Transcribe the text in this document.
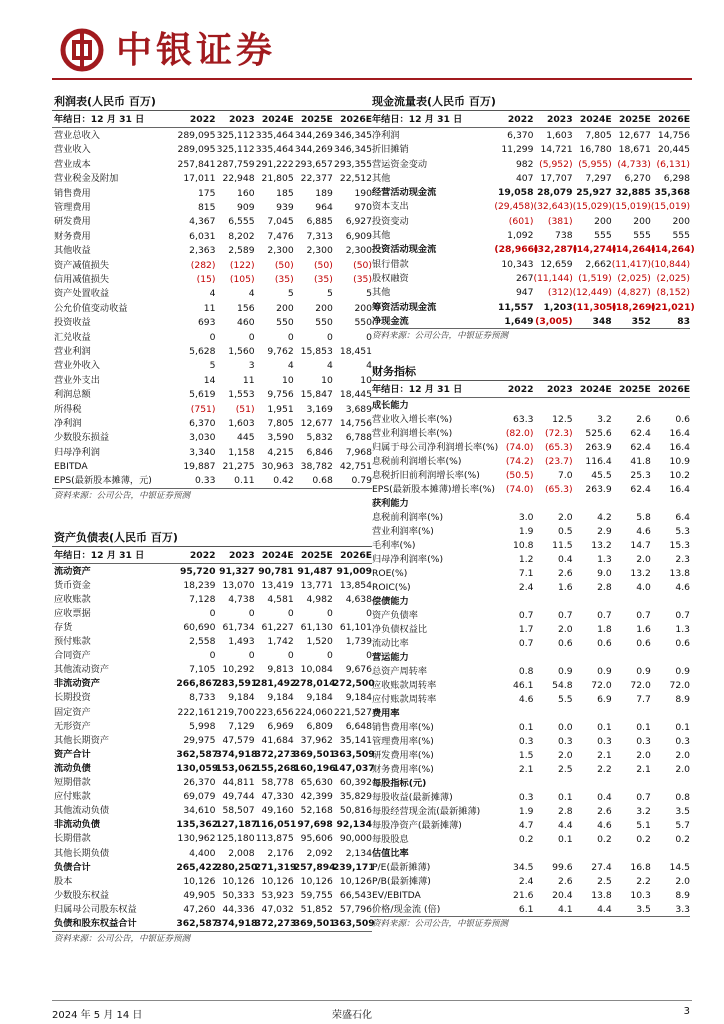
中银证券
利润表(人民币 百万)
年结日：12 月 31 日	2022	2023	2024E	2025E	2026E
营业总收入	289,095	325,112	335,464	344,269	346,345
营业收入	289,095	325,112	335,464	344,269	346,345
营业成本	257,841	287,759	291,222	293,657	293,355
营业税金及附加	17,011	22,948	21,805	22,377	22,512
销售费用	175	160	185	189	190
管理费用	815	909	939	964	970
研发费用	4,367	6,555	7,045	6,885	6,927
财务费用	6,031	8,202	7,476	7,313	6,909
其他收益	2,363	2,589	2,300	2,300	2,300
资产减值损失	(282)	(122)	(50)	(50)	(50)
信用减值损失	(15)	(105)	(35)	(35)	(35)
资产处置收益	4	4	5	5	5
公允价值变动收益	11	156	200	200	200
投资收益	693	460	550	550	550
汇兑收益	0	0	0	0	0
营业利润	5,628	1,560	9,762	15,853	18,451
营业外收入	5	3	4	4	4
营业外支出	14	11	10	10	10
利润总额	5,619	1,553	9,756	15,847	18,445
所得税	(751)	(51)	1,951	3,169	3,689
净利润	6,370	1,603	7,805	12,677	14,756
少数股东损益	3,030	445	3,590	5,832	6,788
归母净利润	3,340	1,158	4,215	6,846	7,968
EBITDA	19,887	21,275	30,963	38,782	42,751
EPS(最新股本摊薄，元)	0.33	0.11	0.42	0.68	0.79
资料来源：公司公告，中银证券预测
资产负债表(人民币 百万)
年结日：12 月 31 日	2022	2023	2024E	2025E	2026E
流动资产	95,720	91,327	90,781	91,487	91,009
货币资金	18,239	13,070	13,419	13,771	13,854
应收账款	7,128	4,738	4,581	4,982	4,638
应收票据	0	0	0	0	0
存货	60,690	61,734	61,227	61,130	61,101
预付账款	2,558	1,493	1,742	1,520	1,739
合同资产	0	0	0	0	0
其他流动资产	7,105	10,292	9,813	10,084	9,676
非流动资产	266,867	283,591	281,492	278,014	272,500
长期投资	8,733	9,184	9,184	9,184	9,184
固定资产	222,161	219,700	223,656	224,060	221,527
无形资产	5,998	7,129	6,969	6,809	6,648
其他长期资产	29,975	47,579	41,684	37,962	35,141
资产合计	362,587	374,918	372,273	369,501	363,509
流动负债	130,059	153,062	155,268	160,196	147,037
短期借款	26,370	44,811	58,778	65,630	60,392
应付账款	69,079	49,744	47,330	42,399	35,829
其他流动负债	34,610	58,507	49,160	52,168	50,816
非流动负债	135,362	127,187	116,051	97,698	92,134
长期借款	130,962	125,180	113,875	95,606	90,000
其他长期负债	4,400	2,008	2,176	2,092	2,134
负债合计	265,422	280,250	271,319	257,894	239,171
股本	10,126	10,126	10,126	10,126	10,126
少数股东权益	49,905	50,333	53,923	59,755	66,543
归属母公司股东权益	47,260	44,336	47,032	51,852	57,796
负债和股东权益合计	362,587	374,918	372,273	369,501	363,509
资料来源：公司公告，中银证券预测
现金流量表(人民币 百万)
年结日：12 月 31 日	2022	2023	2024E	2025E	2026E
净利润	6,370	1,603	7,805	12,677	14,756
折旧摊销	11,299	14,721	16,780	18,671	20,445
营运资金变动	982	(5,952)	(5,955)	(4,733)	(6,131)
其他	407	17,707	7,297	6,270	6,298
经营活动现金流	19,058	28,079	25,927	32,885	35,368
资本支出	(29,458)	(32,643)	(15,029)	(15,019)	(15,019)
投资变动	(601)	(381)	200	200	200
其他	1,092	738	555	555	555
投资活动现金流	(28,966)	(32,287)	(14,274)	(14,264)	(14,264)
银行借款	10,343	12,659	2,662	(11,417)	(10,844)
股权融资	267	(11,144)	(1,519)	(2,025)	(2,025)
其他	947	(312)	(12,449)	(4,827)	(8,152)
筹资活动现金流	11,557	1,203	(11,305)	(18,269)	(21,021)
净现金流	1,649	(3,005)	348	352	83
资料来源：公司公告，中银证券预测
财务指标
年结日：12 月 31 日	2022	2023	2024E	2025E	2026E
成长能力					
营业收入增长率(%)	63.3	12.5	3.2	2.6	0.6
营业利润增长率(%)	(82.0)	(72.3)	525.6	62.4	16.4
归属于母公司净利润增长率(%)	(74.0)	(65.3)	263.9	62.4	16.4
息税前利润增长率(%)	(74.2)	(23.7)	116.4	41.8	10.9
息税折旧前利润增长率(%)	(50.5)	7.0	45.5	25.3	10.2
EPS(最新股本摊薄)增长率(%)	(74.0)	(65.3)	263.9	62.4	16.4
获利能力					
息税前利润率(%)	3.0	2.0	4.2	5.8	6.4
营业利润率(%)	1.9	0.5	2.9	4.6	5.3
毛利率(%)	10.8	11.5	13.2	14.7	15.3
归母净利润率(%)	1.2	0.4	1.3	2.0	2.3
ROE(%)	7.1	2.6	9.0	13.2	13.8
ROIC(%)	2.4	1.6	2.8	4.0	4.6
偿债能力					
资产负债率	0.7	0.7	0.7	0.7	0.7
净负债权益比	1.7	2.0	1.8	1.6	1.3
流动比率	0.7	0.6	0.6	0.6	0.6
营运能力					
总资产周转率	0.8	0.9	0.9	0.9	0.9
应收账款周转率	46.1	54.8	72.0	72.0	72.0
应付账款周转率	4.6	5.5	6.9	7.7	8.9
费用率					
销售费用率(%)	0.1	0.0	0.1	0.1	0.1
管理费用率(%)	0.3	0.3	0.3	0.3	0.3
研发费用率(%)	1.5	2.0	2.1	2.0	2.0
财务费用率(%)	2.1	2.5	2.2	2.1	2.0
每股指标(元)					
每股收益(最新摊薄)	0.3	0.1	0.4	0.7	0.8
每股经营现金流(最新摊薄)	1.9	2.8	2.6	3.2	3.5
每股净资产(最新摊薄)	4.7	4.4	4.6	5.1	5.7
每股股息	0.2	0.1	0.2	0.2	0.2
估值比率					
P/E(最新摊薄)	34.5	99.6	27.4	16.8	14.5
P/B(最新摊薄)	2.4	2.6	2.5	2.2	2.0
EV/EBITDA	21.6	20.4	13.8	10.3	8.9
价格/现金流 (倍)	6.1	4.1	4.4	3.5	3.3
资料来源：公司公告，中银证券预测
2024 年 5 月 14 日	荣盛石化	3
